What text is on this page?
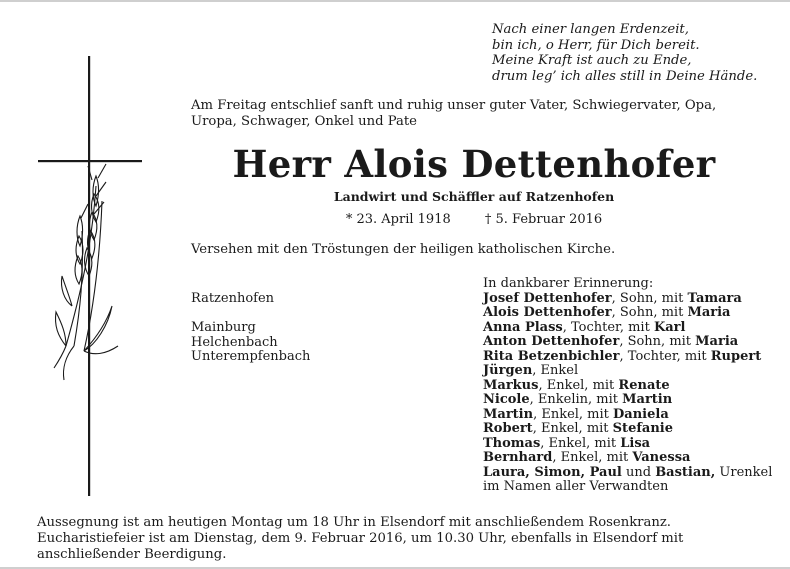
Nach einer langen Erdenzeit,
bin ich, o Herr, für Dich bereit.
Meine Kraft ist auch zu Ende,
drum leg’ ich alles still in Deine Hände.
Am Freitag entschlief sanft und ruhig unser guter Vater, Schwiegervater, Opa, Uropa, Schwager, Onkel und Pate
Herr Alois Dettenhofer
Landwirt und Schäffler auf Ratzenhofen
* 23. April 1918	† 5. Februar 2016
Versehen mit den Tröstungen der heiligen katholischen Kirche.
Ratzenhofen
Mainburg
Helchenbach
Unterempfenbach
In dankbarer Erinnerung:
Josef Dettenhofer, Sohn, mit Tamara
Alois Dettenhofer, Sohn, mit Maria
Anna Plass, Tochter, mit Karl
Anton Dettenhofer, Sohn, mit Maria
Rita Betzenbichler, Tochter, mit Rupert
Jürgen, Enkel
Markus, Enkel, mit Renate
Nicole, Enkelin, mit Martin
Martin, Enkel, mit Daniela
Robert, Enkel, mit Stefanie
Thomas, Enkel, mit Lisa
Bernhard, Enkel, mit Vanessa
Laura, Simon, Paul und Bastian, Urenkel
im Namen aller Verwandten
Aussegnung ist am heutigen Montag um 18 Uhr in Elsendorf mit anschließendem Rosenkranz. Eucharistiefeier ist am Dienstag, dem 9. Februar 2016, um 10.30 Uhr, ebenfalls in Elsendorf mit anschließender Beerdigung.
